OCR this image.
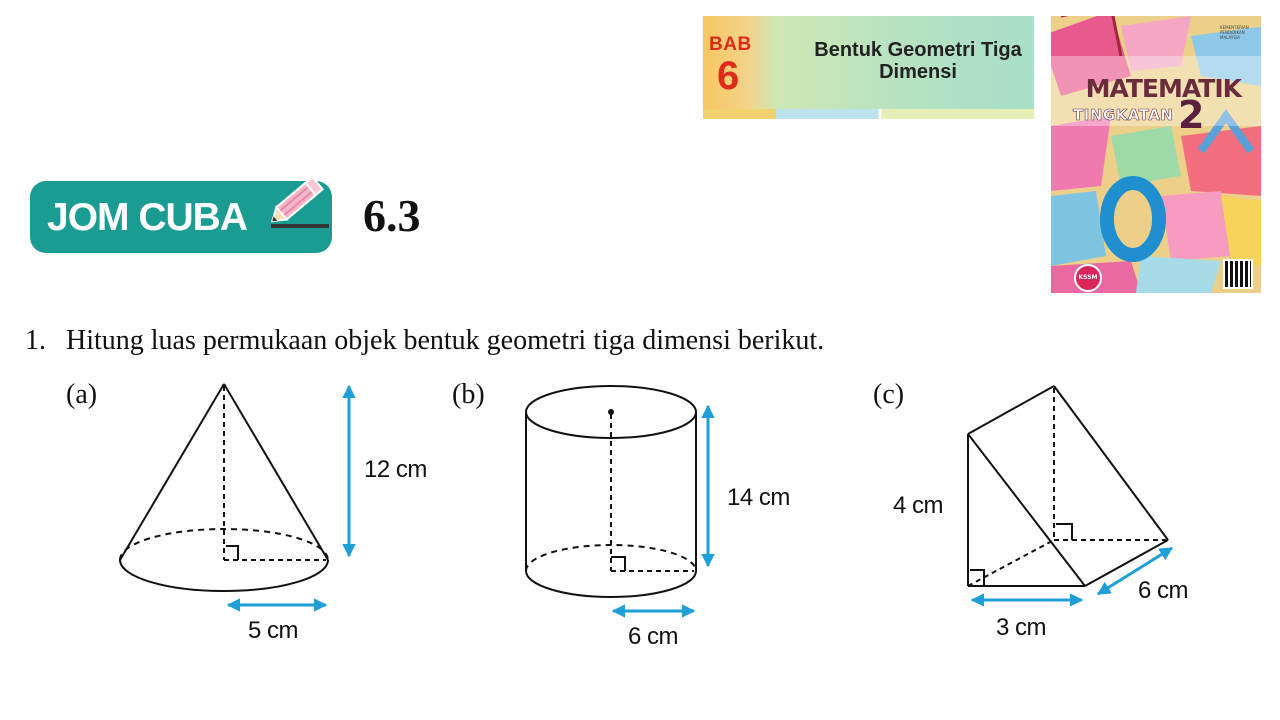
BAB
6
Bentuk Geometri Tiga
Dimensi
KEMENTERIAN PENDIDIKAN MALAYSIA
MATEMATIK
TINGKATAN 2
KSSM
JOM CUBA	6.3
1. Hitung luas permukaan objek bentuk geometri tiga dimensi berikut.
(a)	(b)	(c)
12 cm
5 cm
14 cm
6 cm
4 cm
3 cm
6 cm
